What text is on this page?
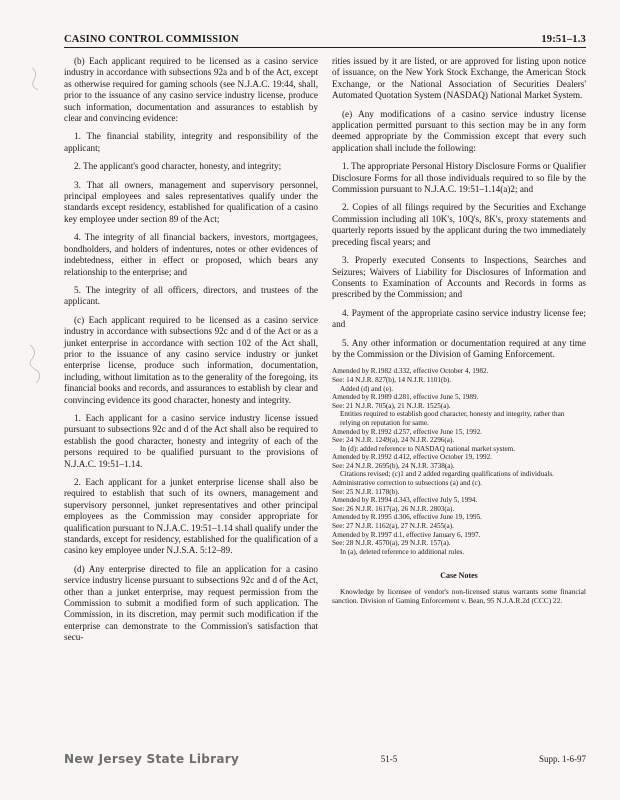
CASINO CONTROL COMMISSION	19:51–1.3

(b) Each applicant required to be licensed as a casino service industry in accordance with subsections 92a and b of the Act, except as otherwise required for gaming schools (see N.J.A.C. 19:44, shall, prior to the issuance of any casino service industry license, produce such information, documentation and assurances to establish by clear and convincing evidence:

1. The financial stability, integrity and responsibility of the applicant;

2. The applicant's good character, honesty, and integrity;

3. That all owners, management and supervisory personnel, principal employees and sales representatives qualify under the standards except residency, established for qualification of a casino key employee under section 89 of the Act;

4. The integrity of all financial backers, investors, mortgagees, bondholders, and holders of indentures, notes or other evidences of indebtedness, either in effect or proposed, which bears any relationship to the enterprise; and

5. The integrity of all officers, directors, and trustees of the applicant.

(c) Each applicant required to be licensed as a casino service industry in accordance with subsections 92c and d of the Act or as a junket enterprise in accordance with section 102 of the Act shall, prior to the issuance of any casino service industry or junket enterprise license, produce such information, documentation, including, without limitation as to the generality of the foregoing, its financial books and records, and assurances to establish by clear and convincing evidence its good character, honesty and integrity.

1. Each applicant for a casino service industry license issued pursuant to subsections 92c and d of the Act shall also be required to establish the good character, honesty and integrity of each of the persons required to be qualified pursuant to the provisions of N.J.A.C. 19:51–1.14.

2. Each applicant for a junket enterprise license shall also be required to establish that such of its owners, management and supervisory personnel, junket representatives and other principal employees as the Commission may consider appropriate for qualification pursuant to N.J.A.C. 19:51–1.14 shall qualify under the standards, except for residency, established for the qualification of a casino key employee under N.J.S.A. 5:12–89.

(d) Any enterprise directed to file an application for a casino service industry license pursuant to subsections 92c and d of the Act, other than a junket enterprise, may request permission from the Commission to submit a modified form of such application. The Commission, in its discretion, may permit such modification if the enterprise can demonstrate to the Commission's satisfaction that secu-

rities issued by it are listed, or are approved for listing upon notice of issuance, on the New York Stock Exchange, the American Stock Exchange, or the National Association of Securities Dealers' Automated Quotation System (NASDAQ) National Market System.

(e) Any modifications of a casino service industry license application permitted pursuant to this section may be in any form deemed appropriate by the Commission except that every such application shall include the following:

1. The appropriate Personal History Disclosure Forms or Qualifier Disclosure Forms for all those individuals required to so file by the Commission pursuant to N.J.A.C. 19:51–1.14(a)2; and

2. Copies of all filings required by the Securities and Exchange Commission including all 10K's, 10Q's, 8K's, proxy statements and quarterly reports issued by the applicant during the two immediately preceding fiscal years; and

3. Properly executed Consents to Inspections, Searches and Seizures; Waivers of Liability for Disclosures of Information and Consents to Examination of Accounts and Records in forms as prescribed by the Commission; and

4. Payment of the appropriate casino service industry license fee; and

5. Any other information or documentation required at any time by the Commission or the Division of Gaming Enforcement.

Amended by R.1982 d.332, effective October 4, 1982.
See: 14 N.J.R. 827(b), 14 N.J.R. 1101(b).
Added (d) and (e).
Amended by R.1989 d.281, effective June 5, 1989.
See: 21 N.J.R. 705(a), 21 N.J.R. 1525(a).
Entities required to establish good character, honesty and integrity, rather than relying on reputation for same.
Amended by R.1992 d.257, effective June 15, 1992.
See: 24 N.J.R. 1249(a), 24 N.J.R. 2296(a).
In (d): added reference to NASDAQ national market system.
Amended by R.1992 d.412, effective October 19, 1992.
See: 24 N.J.R. 2695(b), 24 N.J.R. 3738(a).
Citations revised; (c)1 and 2 added regarding qualifications of individuals.
Administrative correction to subsections (a) and (c).
See: 25 N.J.R. 1178(b).
Amended by R.1994 d.343, effective July 5, 1994.
See: 26 N.J.R. 1617(a), 26 N.J.R. 2803(a).
Amended by R.1995 d.306, effective June 19, 1995.
See: 27 N.J.R. 1162(a), 27 N.J.R. 2455(a).
Amended by R.1997 d.1, effective January 6, 1997.
See: 28 N.J.R. 4570(a), 29 N.J.R. 157(a).
In (a), deleted reference to additional rules.
Case Notes
Knowledge by licensee of vendor's non-licensed status warrants some financial sanction. Division of Gaming Enforcement v. Bean, 95 N.J.A.R.2d (CCC) 22.
New Jersey State Library	51-5	Supp. 1-6-97
